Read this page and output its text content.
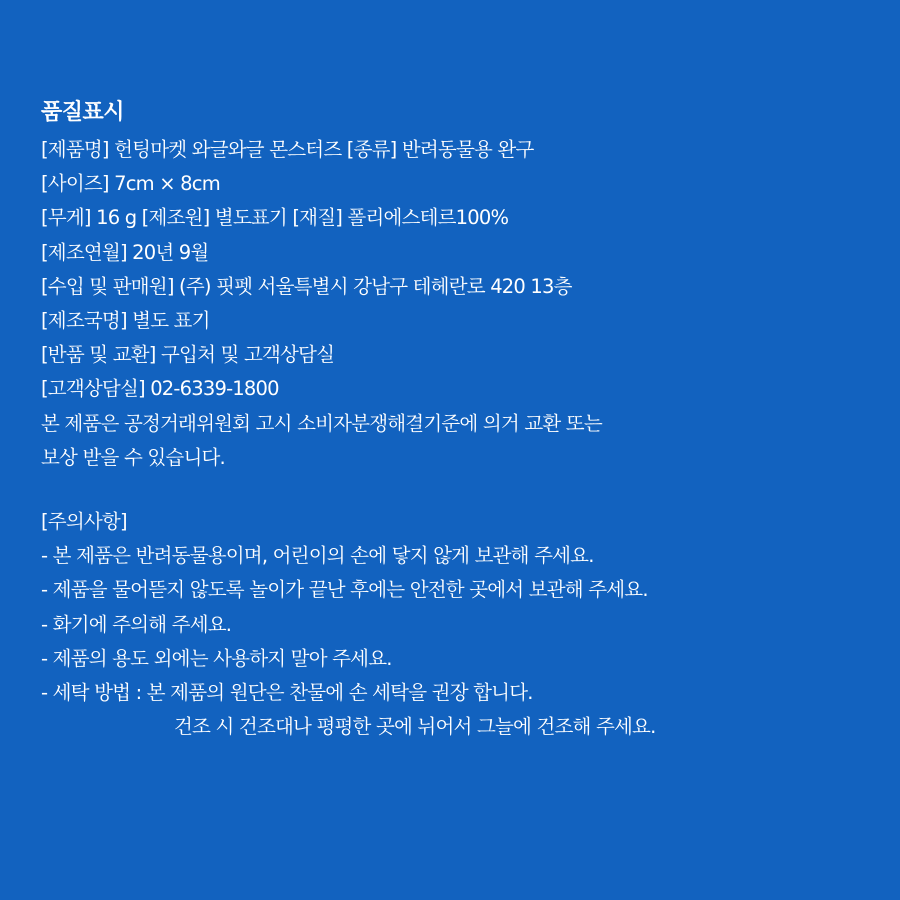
품질표시
[제품명] 헌팅마켓 와글와글 몬스터즈 [종류] 반려동물용 완구
[사이즈] 7cm × 8cm
[무게] 16 g [제조원] 별도표기 [재질] 폴리에스테르100%
[제조연월] 20년 9월
[수입 및 판매원] (주) 핏펫 서울특별시 강남구 테헤란로 420 13층
[제조국명] 별도 표기
[반품 및 교환] 구입처 및 고객상담실
[고객상담실] 02-6339-1800
본 제품은 공정거래위원회 고시 소비자분쟁해결기준에 의거 교환 또는
보상 받을 수 있습니다.
[주의사항]
- 본 제품은 반려동물용이며, 어린이의 손에 닿지 않게 보관해 주세요.
- 제품을 물어뜯지 않도록 놀이가 끝난 후에는 안전한 곳에서 보관해 주세요.
- 화기에 주의해 주세요.
- 제품의 용도 외에는 사용하지 말아 주세요.
- 세탁 방법 : 본 제품의 원단은 찬물에 손 세탁을 권장 합니다.
건조 시 건조대나 평평한 곳에 뉘어서 그늘에 건조해 주세요.
